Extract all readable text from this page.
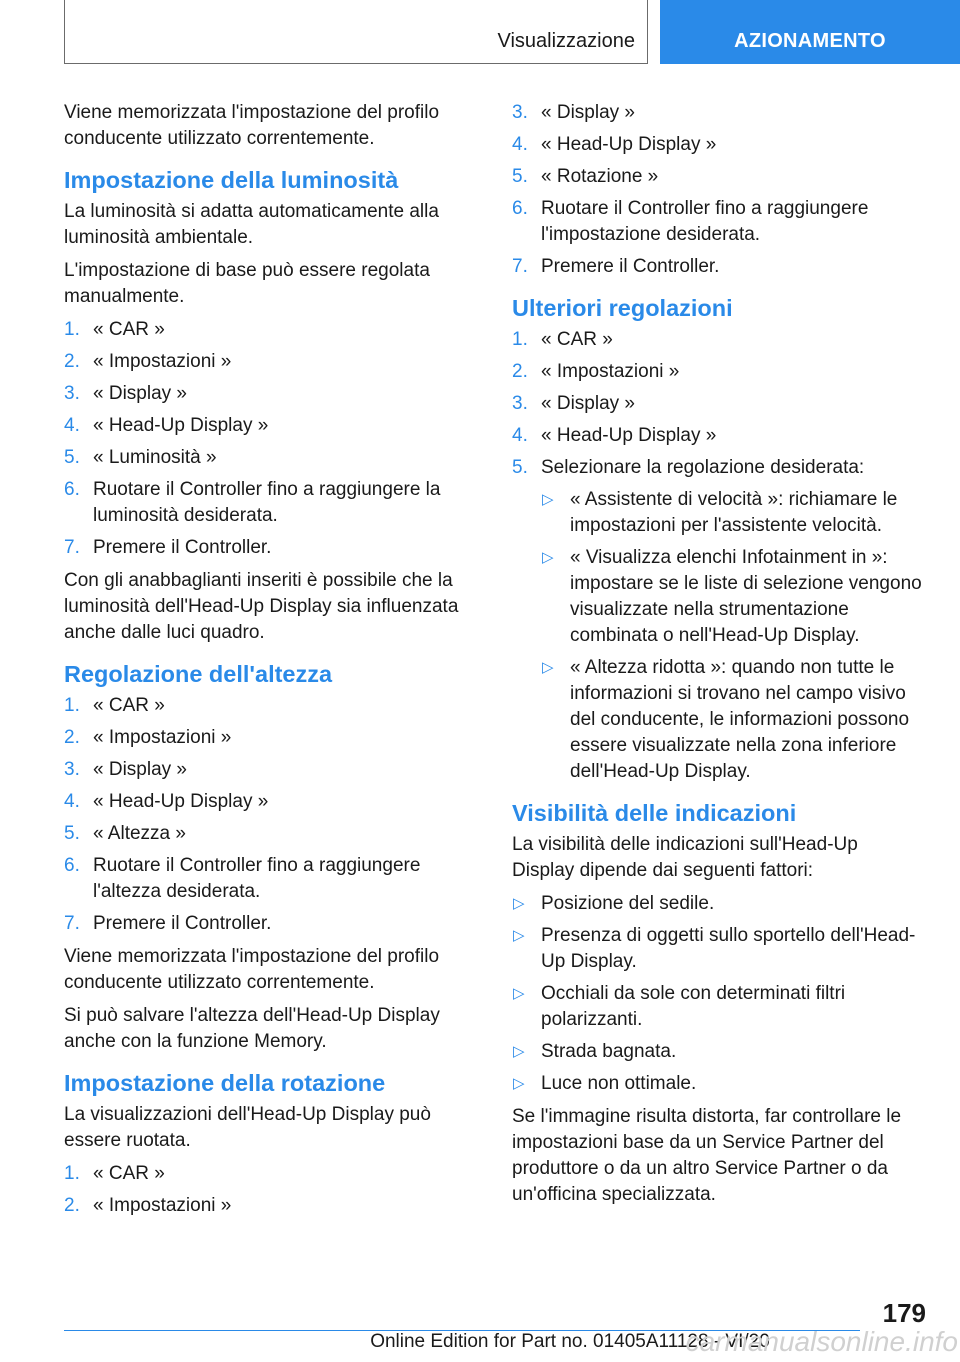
Visualizzazione	AZIONAMENTO

Viene memorizzata l'impostazione del profilo conducente utilizzato correntemente.

Impostazione della luminosità

La luminosità si adatta automaticamente alla luminosità ambientale.

L'impostazione di base può essere regolata manualmente.

1. « CAR »
2. « Impostazioni »
3. « Display »
4. « Head-Up Display »
5. « Luminosità »
6. Ruotare il Controller fino a raggiungere la luminosità desiderata.
7. Premere il Controller.

Con gli anabbaglianti inseriti è possibile che la luminosità dell'Head-Up Display sia influenzata anche dalle luci quadro.

Regolazione dell'altezza
1. « CAR »
2. « Impostazioni »
3. « Display »
4. « Head-Up Display »
5. « Altezza »
6. Ruotare il Controller fino a raggiungere l'altezza desiderata.
7. Premere il Controller.

Viene memorizzata l'impostazione del profilo conducente utilizzato correntemente.

Si può salvare l'altezza dell'Head-Up Display anche con la funzione Memory.

Impostazione della rotazione

La visualizzazioni dell'Head-Up Display può essere ruotata.

1. « CAR »
2. « Impostazioni »
3. « Display »
4. « Head-Up Display »
5. « Rotazione »
6. Ruotare il Controller fino a raggiungere l'impostazione desiderata.
7. Premere il Controller.
Ulteriori regolazioni
1. « CAR »
2. « Impostazioni »
3. « Display »
4. « Head-Up Display »
5. Selezionare la regolazione desiderata:
▷ « Assistente di velocità »: richiamare le impostazioni per l'assistente velocità.
▷ « Visualizza elenchi Infotainment in »: impostare se le liste di selezione vengono visualizzate nella strumentazione combinata o nell'Head-Up Display.
▷ « Altezza ridotta »: quando non tutte le informazioni si trovano nel campo visivo del conducente, le informazioni possono essere visualizzate nella zona inferiore dell'Head-Up Display.
Visibilità delle indicazioni

La visibilità delle indicazioni sull'Head-Up Display dipende dai seguenti fattori:

▷ Posizione del sedile.
▷ Presenza di oggetti sullo sportello dell'Head-Up Display.
▷ Occhiali da sole con determinati filtri polarizzanti.
▷ Strada bagnata.
▷ Luce non ottimale.

Se l'immagine risulta distorta, far controllare le impostazioni base da un Service Partner del produttore o da un altro Service Partner o da un'officina specializzata.

179
Online Edition for Part no. 01405A11128 - VI/20
carmanualsonline.info
